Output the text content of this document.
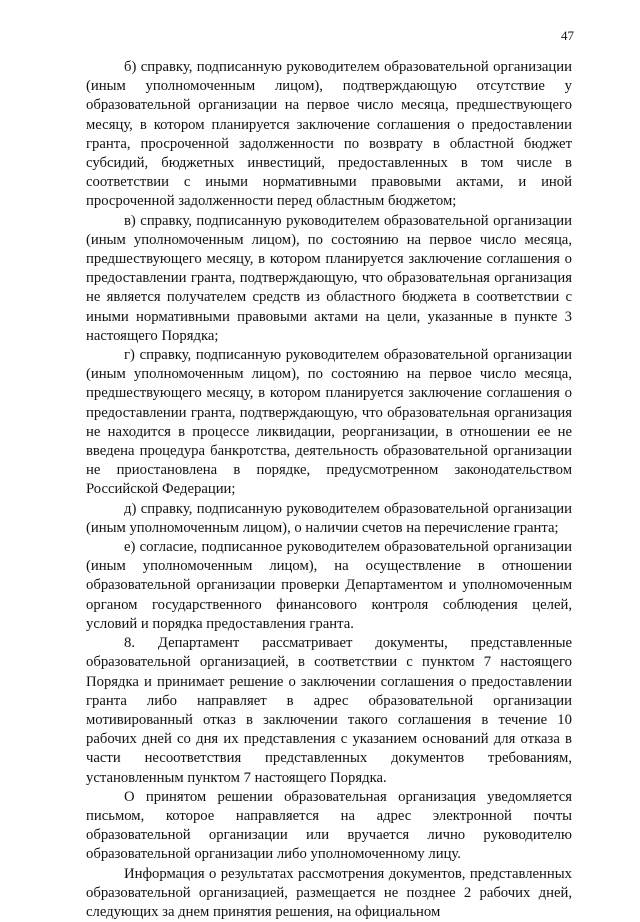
47

б) справку, подписанную руководителем образовательной организации (иным уполномоченным лицом), подтверждающую отсутствие у образовательной организации на первое число месяца, предшествующего месяцу, в котором планируется заключение соглашения о предоставлении гранта, просроченной задолженности по возврату в областной бюджет субсидий, бюджетных инвестиций, предоставленных в том числе в соответствии с иными нормативными правовыми актами, и иной просроченной задолженности перед областным бюджетом;

в) справку, подписанную руководителем образовательной организации (иным уполномоченным лицом), по состоянию на первое число месяца, предшествующего месяцу, в котором планируется заключение соглашения о предоставлении гранта, подтверждающую, что образовательная организация не является получателем средств из областного бюджета в соответствии с иными нормативными правовыми актами на цели, указанные в пункте 3 настоящего Порядка;

г) справку, подписанную руководителем образовательной организации (иным уполномоченным лицом), по состоянию на первое число месяца, предшествующего месяцу, в котором планируется заключение соглашения о предоставлении гранта, подтверждающую, что образовательная организация не находится в процессе ликвидации, реорганизации, в отношении ее не введена процедура банкротства, деятельность образовательной организации не приостановлена в порядке, предусмотренном законодательством Российской Федерации;

д) справку, подписанную руководителем образовательной организации (иным уполномоченным лицом), о наличии счетов на перечисление гранта;

е) согласие, подписанное руководителем образовательной организации (иным уполномоченным лицом), на осуществление в отношении образовательной организации проверки Департаментом и уполномоченным органом государственного финансового контроля соблюдения целей, условий и порядка предоставления гранта.

8. Департамент рассматривает документы, представленные образовательной организацией, в соответствии с пунктом 7 настоящего Порядка и принимает решение о заключении соглашения о предоставлении гранта либо направляет в адрес образовательной организации мотивированный отказ в заключении такого соглашения в течение 10 рабочих дней со дня их представления с указанием оснований для отказа в части несоответствия представленных документов требованиям, установленным пунктом 7 настоящего Порядка.

О принятом решении образовательная организация уведомляется письмом, которое направляется на адрес электронной почты образовательной организации или вручается лично руководителю образовательной организации либо уполномоченному лицу.

Информация о результатах рассмотрения документов, представленных образовательной организацией, размещается не позднее 2 рабочих дней, следующих за днем принятия решения, на официальном
